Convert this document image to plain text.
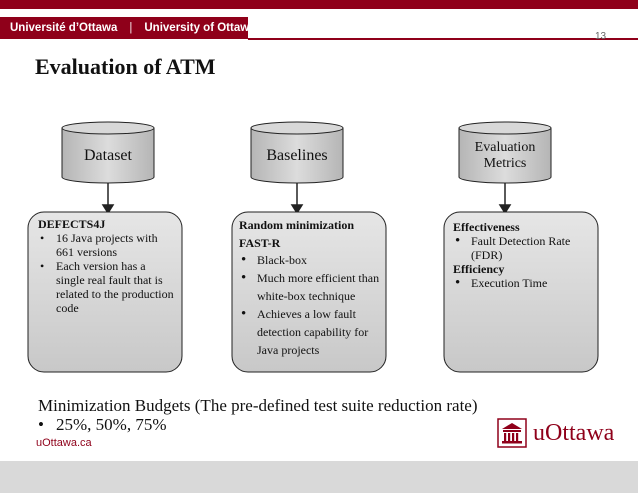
Université d’Ottawa | University of Ottawa
13
Evaluation of ATM
Dataset	Baselines	Evaluation
Metrics
DEFECTS4J
• 16 Java projects with 661 versions
• Each version has a single real fault that is related to the production code
Random minimization
FAST-R
• Black-box
• Much more efficient than white-box technique
• Achieves a low fault detection capability for Java projects
Effectiveness
• Fault Detection Rate (FDR)
Efficiency
• Execution Time
Minimization Budgets (The pre-defined test suite reduction rate)
• 25%, 50%, 75%
uOttawa.ca	uOttawa
